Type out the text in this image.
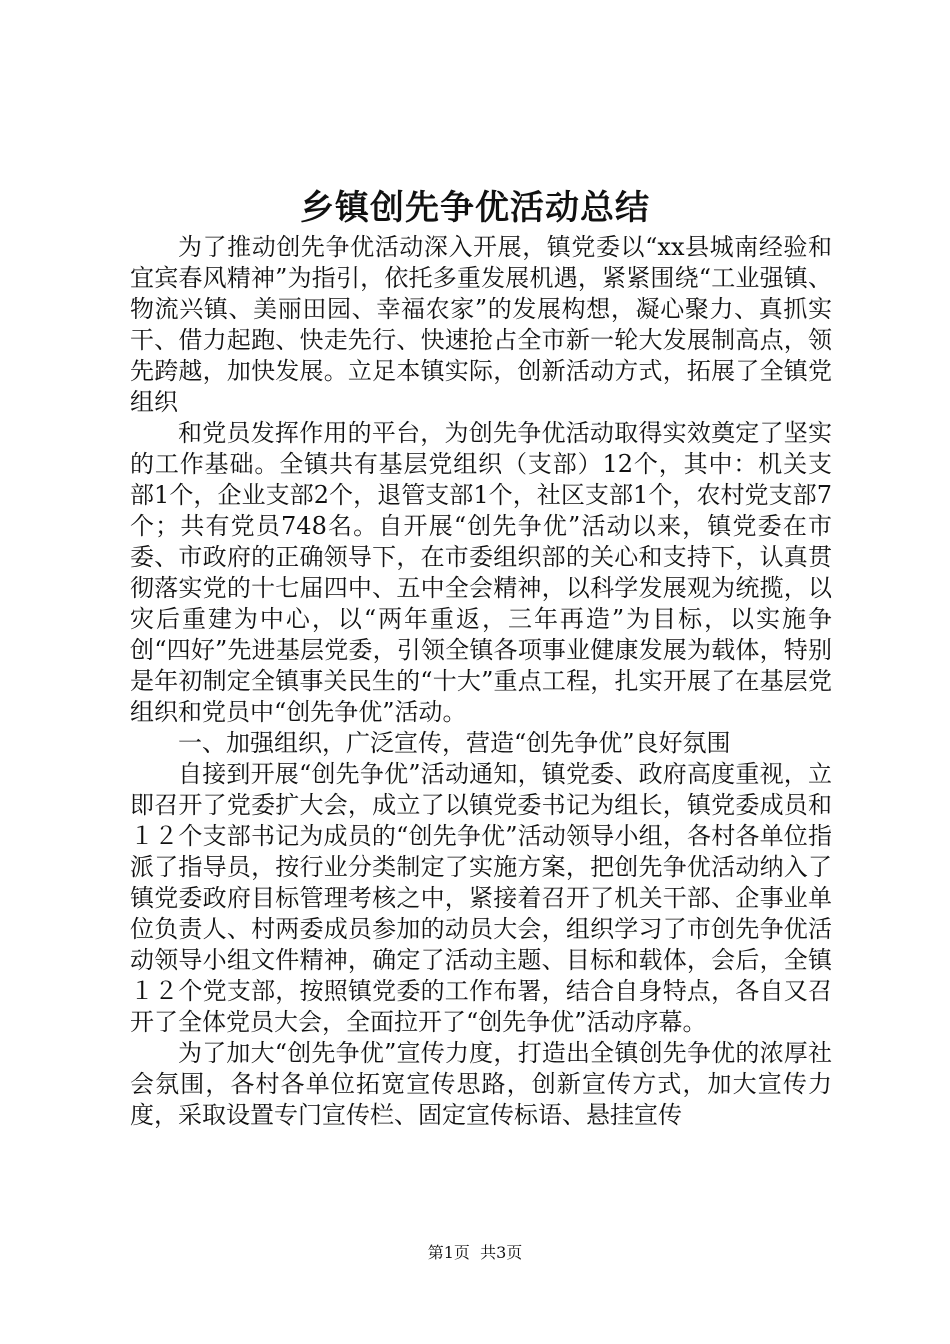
乡镇创先争优活动总结

为了推动创先争优活动深入开展，镇党委以“xx县城南经验和宜宾春风精神”为指引，依托多重发展机遇，紧紧围绕“工业强镇、物流兴镇、美丽田园、幸福农家”的发展构想，凝心聚力、真抓实干、借力起跑、快走先行、快速抢占全市新一轮大发展制高点，领先跨越，加快发展。立足本镇实际，创新活动方式，拓展了全镇党组织

和党员发挥作用的平台，为创先争优活动取得实效奠定了坚实的工作基础。全镇共有基层党组织（支部）12个，其中：机关支部1个，企业支部2个，退管支部1个，社区支部1个，农村党支部7个；共有党员748名。自开展“创先争优”活动以来，镇党委在市委、市政府的正确领导下，在市委组织部的关心和支持下，认真贯彻落实党的十七届四中、五中全会精神，以科学发展观为统揽，以灾后重建为中心，以“两年重返，三年再造”为目标，以实施争创“四好”先进基层党委，引领全镇各项事业健康发展为载体，特别是年初制定全镇事关民生的“十大”重点工程，扎实开展了在基层党组织和党员中“创先争优”活动。

一、加强组织，广泛宣传，营造“创先争优”良好氛围

自接到开展“创先争优”活动通知，镇党委、政府高度重视，立即召开了党委扩大会，成立了以镇党委书记为组长，镇党委成员和１２个支部书记为成员的“创先争优”活动领导小组，各村各单位指派了指导员，按行业分类制定了实施方案，把创先争优活动纳入了镇党委政府目标管理考核之中，紧接着召开了机关干部、企事业单位负责人、村两委成员参加的动员大会，组织学习了市创先争优活动领导小组文件精神，确定了活动主题、目标和载体，会后，全镇１２个党支部，按照镇党委的工作布署，结合自身特点，各自又召开了全体党员大会，全面拉开了“创先争优”活动序幕。

为了加大“创先争优”宣传力度，打造出全镇创先争优的浓厚社会氛围，各村各单位拓宽宣传思路，创新宣传方式，加大宣传力度，采取设置专门宣传栏、固定宣传标语、悬挂宣传

第1页 共3页
